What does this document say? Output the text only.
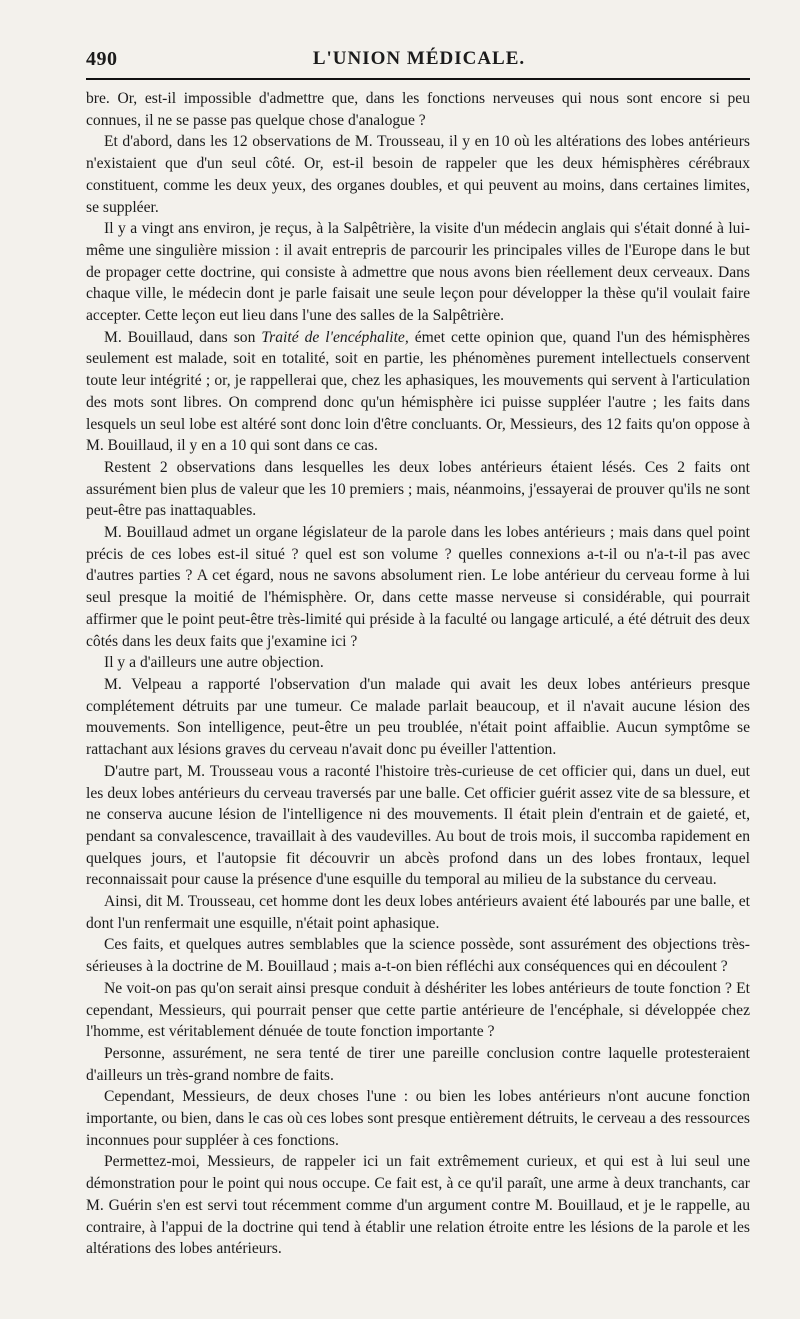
490	L'UNION MÉDICALE.

bre. Or, est-il impossible d'admettre que, dans les fonctions nerveuses qui nous sont encore si peu connues, il ne se passe pas quelque chose d'analogue ?

Et d'abord, dans les 12 observations de M. Trousseau, il y en 10 où les altérations des lobes antérieurs n'existaient que d'un seul côté. Or, est-il besoin de rappeler que les deux hémisphères cérébraux constituent, comme les deux yeux, des organes doubles, et qui peuvent au moins, dans certaines limites, se suppléer.

Il y a vingt ans environ, je reçus, à la Salpêtrière, la visite d'un médecin anglais qui s'était donné à lui-même une singulière mission : il avait entrepris de parcourir les principales villes de l'Europe dans le but de propager cette doctrine, qui consiste à admettre que nous avons bien réellement deux cerveaux. Dans chaque ville, le médecin dont je parle faisait une seule leçon pour développer la thèse qu'il voulait faire accepter. Cette leçon eut lieu dans l'une des salles de la Salpêtrière.

M. Bouillaud, dans son Traité de l'encéphalite, émet cette opinion que, quand l'un des hémisphères seulement est malade, soit en totalité, soit en partie, les phénomènes purement intellectuels conservent toute leur intégrité ; or, je rappellerai que, chez les aphasiques, les mouvements qui servent à l'articulation des mots sont libres. On comprend donc qu'un hémisphère ici puisse suppléer l'autre ; les faits dans lesquels un seul lobe est altéré sont donc loin d'être concluants. Or, Messieurs, des 12 faits qu'on oppose à M. Bouillaud, il y en a 10 qui sont dans ce cas.

Restent 2 observations dans lesquelles les deux lobes antérieurs étaient lésés. Ces 2 faits ont assurément bien plus de valeur que les 10 premiers ; mais, néanmoins, j'essayerai de prouver qu'ils ne sont peut-être pas inattaquables.

M. Bouillaud admet un organe législateur de la parole dans les lobes antérieurs ; mais dans quel point précis de ces lobes est-il situé ? quel est son volume ? quelles connexions a-t-il ou n'a-t-il pas avec d'autres parties ? A cet égard, nous ne savons absolument rien. Le lobe antérieur du cerveau forme à lui seul presque la moitié de l'hémisphère. Or, dans cette masse nerveuse si considérable, qui pourrait affirmer que le point peut-être très-limité qui préside à la faculté ou langage articulé, a été détruit des deux côtés dans les deux faits que j'examine ici ?

Il y a d'ailleurs une autre objection.

M. Velpeau a rapporté l'observation d'un malade qui avait les deux lobes antérieurs presque complétement détruits par une tumeur. Ce malade parlait beaucoup, et il n'avait aucune lésion des mouvements. Son intelligence, peut-être un peu troublée, n'était point affaiblie. Aucun symptôme se rattachant aux lésions graves du cerveau n'avait donc pu éveiller l'attention.

D'autre part, M. Trousseau vous a raconté l'histoire très-curieuse de cet officier qui, dans un duel, eut les deux lobes antérieurs du cerveau traversés par une balle. Cet officier guérit assez vite de sa blessure, et ne conserva aucune lésion de l'intelligence ni des mouvements. Il était plein d'entrain et de gaieté, et, pendant sa convalescence, travaillait à des vaudevilles. Au bout de trois mois, il succomba rapidement en quelques jours, et l'autopsie fit découvrir un abcès profond dans un des lobes frontaux, lequel reconnaissait pour cause la présence d'une esquille du temporal au milieu de la substance du cerveau.

Ainsi, dit M. Trousseau, cet homme dont les deux lobes antérieurs avaient été labourés par une balle, et dont l'un renfermait une esquille, n'était point aphasique.

Ces faits, et quelques autres semblables que la science possède, sont assurément des objections très-sérieuses à la doctrine de M. Bouillaud ; mais a-t-on bien réfléchi aux conséquences qui en découlent ?

Ne voit-on pas qu'on serait ainsi presque conduit à déshériter les lobes antérieurs de toute fonction ? Et cependant, Messieurs, qui pourrait penser que cette partie antérieure de l'encéphale, si développée chez l'homme, est véritablement dénuée de toute fonction importante ?

Personne, assurément, ne sera tenté de tirer une pareille conclusion contre laquelle protesteraient d'ailleurs un très-grand nombre de faits.

Cependant, Messieurs, de deux choses l'une : ou bien les lobes antérieurs n'ont aucune fonction importante, ou bien, dans le cas où ces lobes sont presque entièrement détruits, le cerveau a des ressources inconnues pour suppléer à ces fonctions.

Permettez-moi, Messieurs, de rappeler ici un fait extrêmement curieux, et qui est à lui seul une démonstration pour le point qui nous occupe. Ce fait est, à ce qu'il paraît, une arme à deux tranchants, car M. Guérin s'en est servi tout récemment comme d'un argument contre M. Bouillaud, et je le rappelle, au contraire, à l'appui de la doctrine qui tend à établir une relation étroite entre les lésions de la parole et les altérations des lobes antérieurs.
